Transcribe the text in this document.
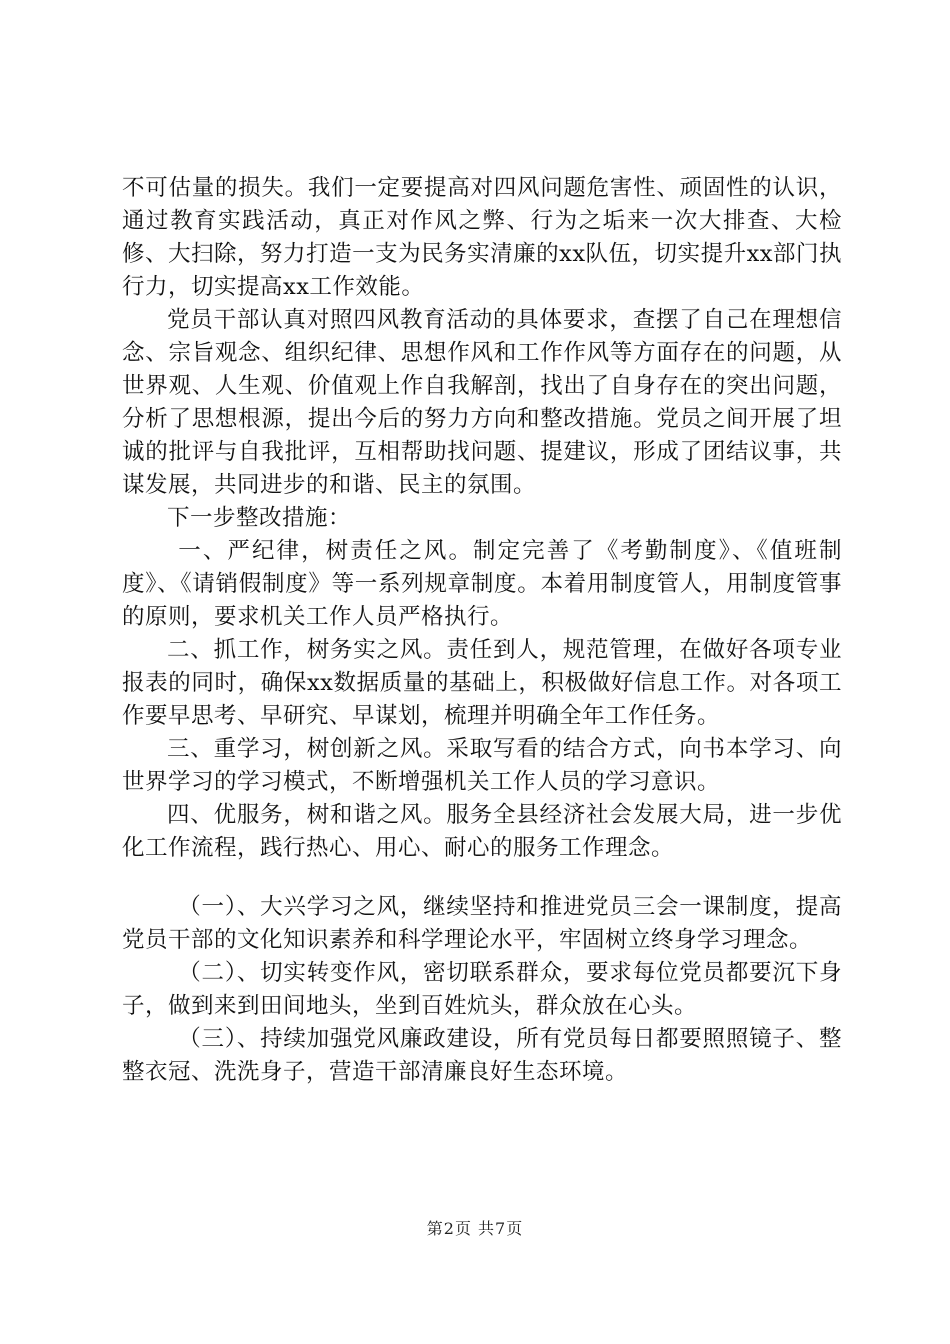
不可估量的损失。我们一定要提高对四风问题危害性、顽固性的认识，通过教育实践活动，真正对作风之弊、行为之垢来一次大排查、大检修、大扫除，努力打造一支为民务实清廉的xx队伍，切实提升xx部门执行力，切实提高xx工作效能。

党员干部认真对照四风教育活动的具体要求，查摆了自己在理想信念、宗旨观念、组织纪律、思想作风和工作作风等方面存在的问题，从世界观、人生观、价值观上作自我解剖，找出了自身存在的突出问题，分析了思想根源，提出今后的努力方向和整改措施。党员之间开展了坦诚的批评与自我批评，互相帮助找问题、提建议，形成了团结议事，共谋发展，共同进步的和谐、民主的氛围。

下一步整改措施：

一、严纪律，树责任之风。制定完善了《考勤制度》、《值班制度》、《请销假制度》等一系列规章制度。本着用制度管人，用制度管事的原则，要求机关工作人员严格执行。

二、抓工作，树务实之风。责任到人，规范管理，在做好各项专业报表的同时，确保xx数据质量的基础上，积极做好信息工作。对各项工作要早思考、早研究、早谋划，梳理并明确全年工作任务。

三、重学习，树创新之风。采取写看的结合方式，向书本学习、向世界学习的学习模式，不断增强机关工作人员的学习意识。

四、优服务，树和谐之风。服务全县经济社会发展大局，进一步优化工作流程，践行热心、用心、耐心的服务工作理念。

（一）、大兴学习之风，继续坚持和推进党员三会一课制度，提高党员干部的文化知识素养和科学理论水平，牢固树立终身学习理念。

（二）、切实转变作风，密切联系群众，要求每位党员都要沉下身子，做到来到田间地头，坐到百姓炕头，群众放在心头。

（三）、持续加强党风廉政建设，所有党员每日都要照照镜子、整整衣冠、洗洗身子，营造干部清廉良好生态环境。

第2页 共7页
